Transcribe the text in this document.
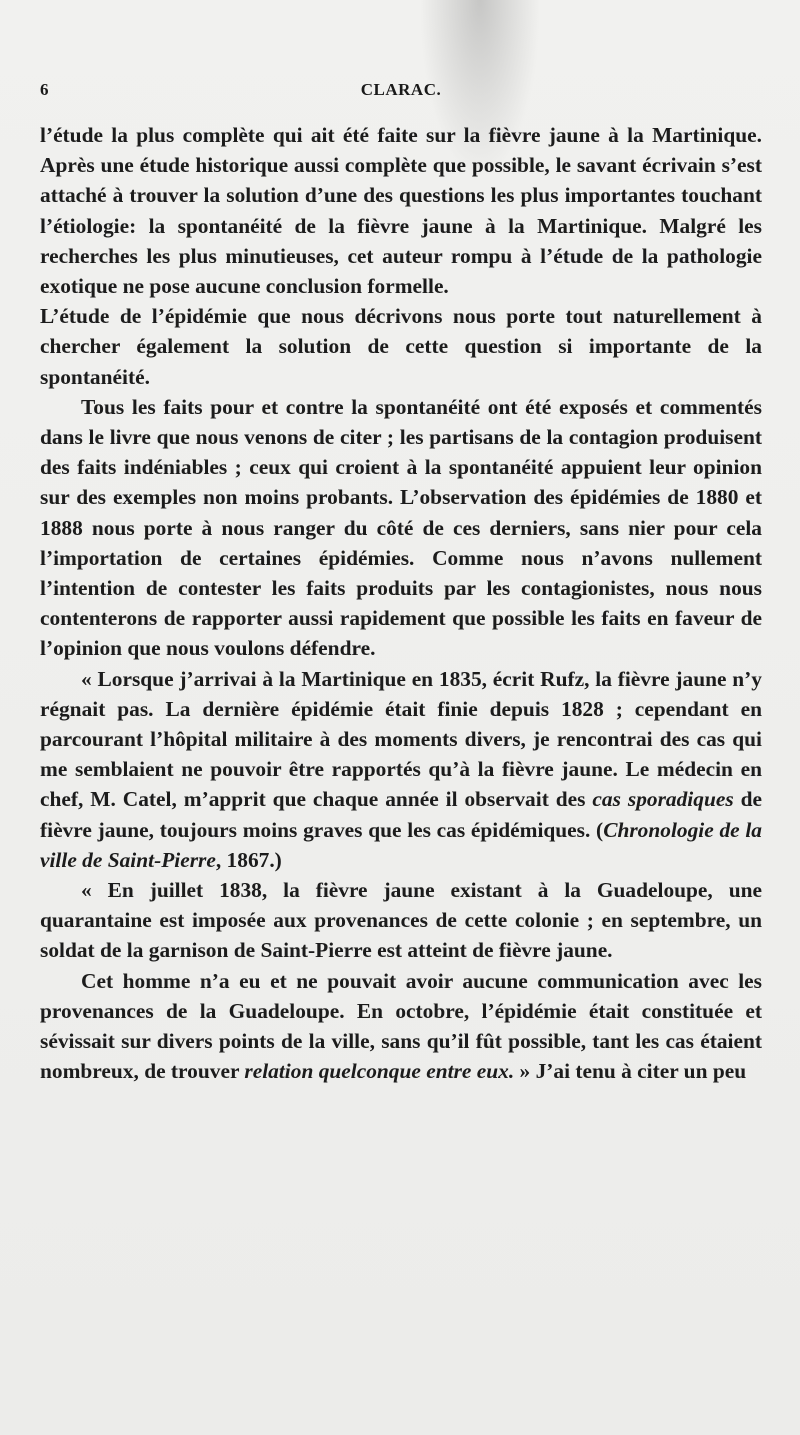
6	CLARAC.

l’étude la plus complète qui ait été faite sur la fièvre jaune à la Martinique. Après une étude historique aussi complète que possible, le savant écrivain s’est attaché à trouver la solution d’une des questions les plus importantes touchant l’étiologie: la spontanéité de la fièvre jaune à la Martinique. Malgré les recherches les plus minutieuses, cet auteur rompu à l’étude de la pathologie exotique ne pose aucune conclusion formelle.

L’étude de l’épidémie que nous décrivons nous porte tout naturellement à chercher également la solution de cette question si importante de la spontanéité.

Tous les faits pour et contre la spontanéité ont été exposés et commentés dans le livre que nous venons de citer ; les partisans de la contagion produisent des faits indéniables ; ceux qui croient à la spontanéité appuient leur opinion sur des exemples non moins probants. L’observation des épidémies de 1880 et 1888 nous porte à nous ranger du côté de ces derniers, sans nier pour cela l’importation de certaines épidémies. Comme nous n’avons nullement l’intention de contester les faits produits par les contagionistes, nous nous contenterons de rapporter aussi rapidement que possible les faits en faveur de l’opinion que nous voulons défendre.

« Lorsque j’arrivai à la Martinique en 1835, écrit Rufz, la fièvre jaune n’y régnait pas. La dernière épidémie était finie depuis 1828 ; cependant en parcourant l’hôpital militaire à des moments divers, je rencontrai des cas qui me semblaient ne pouvoir être rapportés qu’à la fièvre jaune. Le médecin en chef, M. Catel, m’apprit que chaque année il observait des cas sporadiques de fièvre jaune, toujours moins graves que les cas épidémiques. (Chronologie de la ville de Saint-Pierre, 1867.)

« En juillet 1838, la fièvre jaune existant à la Guadeloupe, une quarantaine est imposée aux provenances de cette colonie ; en septembre, un soldat de la garnison de Saint-Pierre est atteint de fièvre jaune.

Cet homme n’a eu et ne pouvait avoir aucune communication avec les provenances de la Guadeloupe. En octobre, l’épidémie était constituée et sévissait sur divers points de la ville, sans qu’il fût possible, tant les cas étaient nombreux, de trouver relation quelconque entre eux. » J’ai tenu à citer un peu
